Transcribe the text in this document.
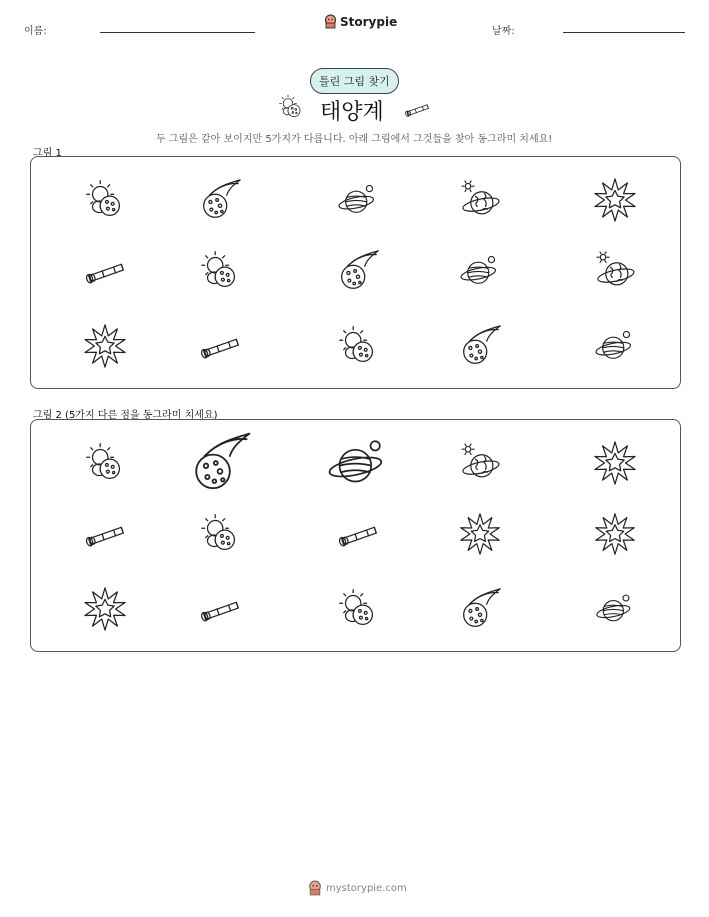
이름:
Storypie
날짜:
틀린 그림 찾기
태양계
두 그림은 같아 보이지만 5가지가 다릅니다. 아래 그림에서 그것들을 찾아 동그라미 치세요!
그림 1
그림 2 (5가지 다른 점을 동그라미 치세요)
mystorypie.com
